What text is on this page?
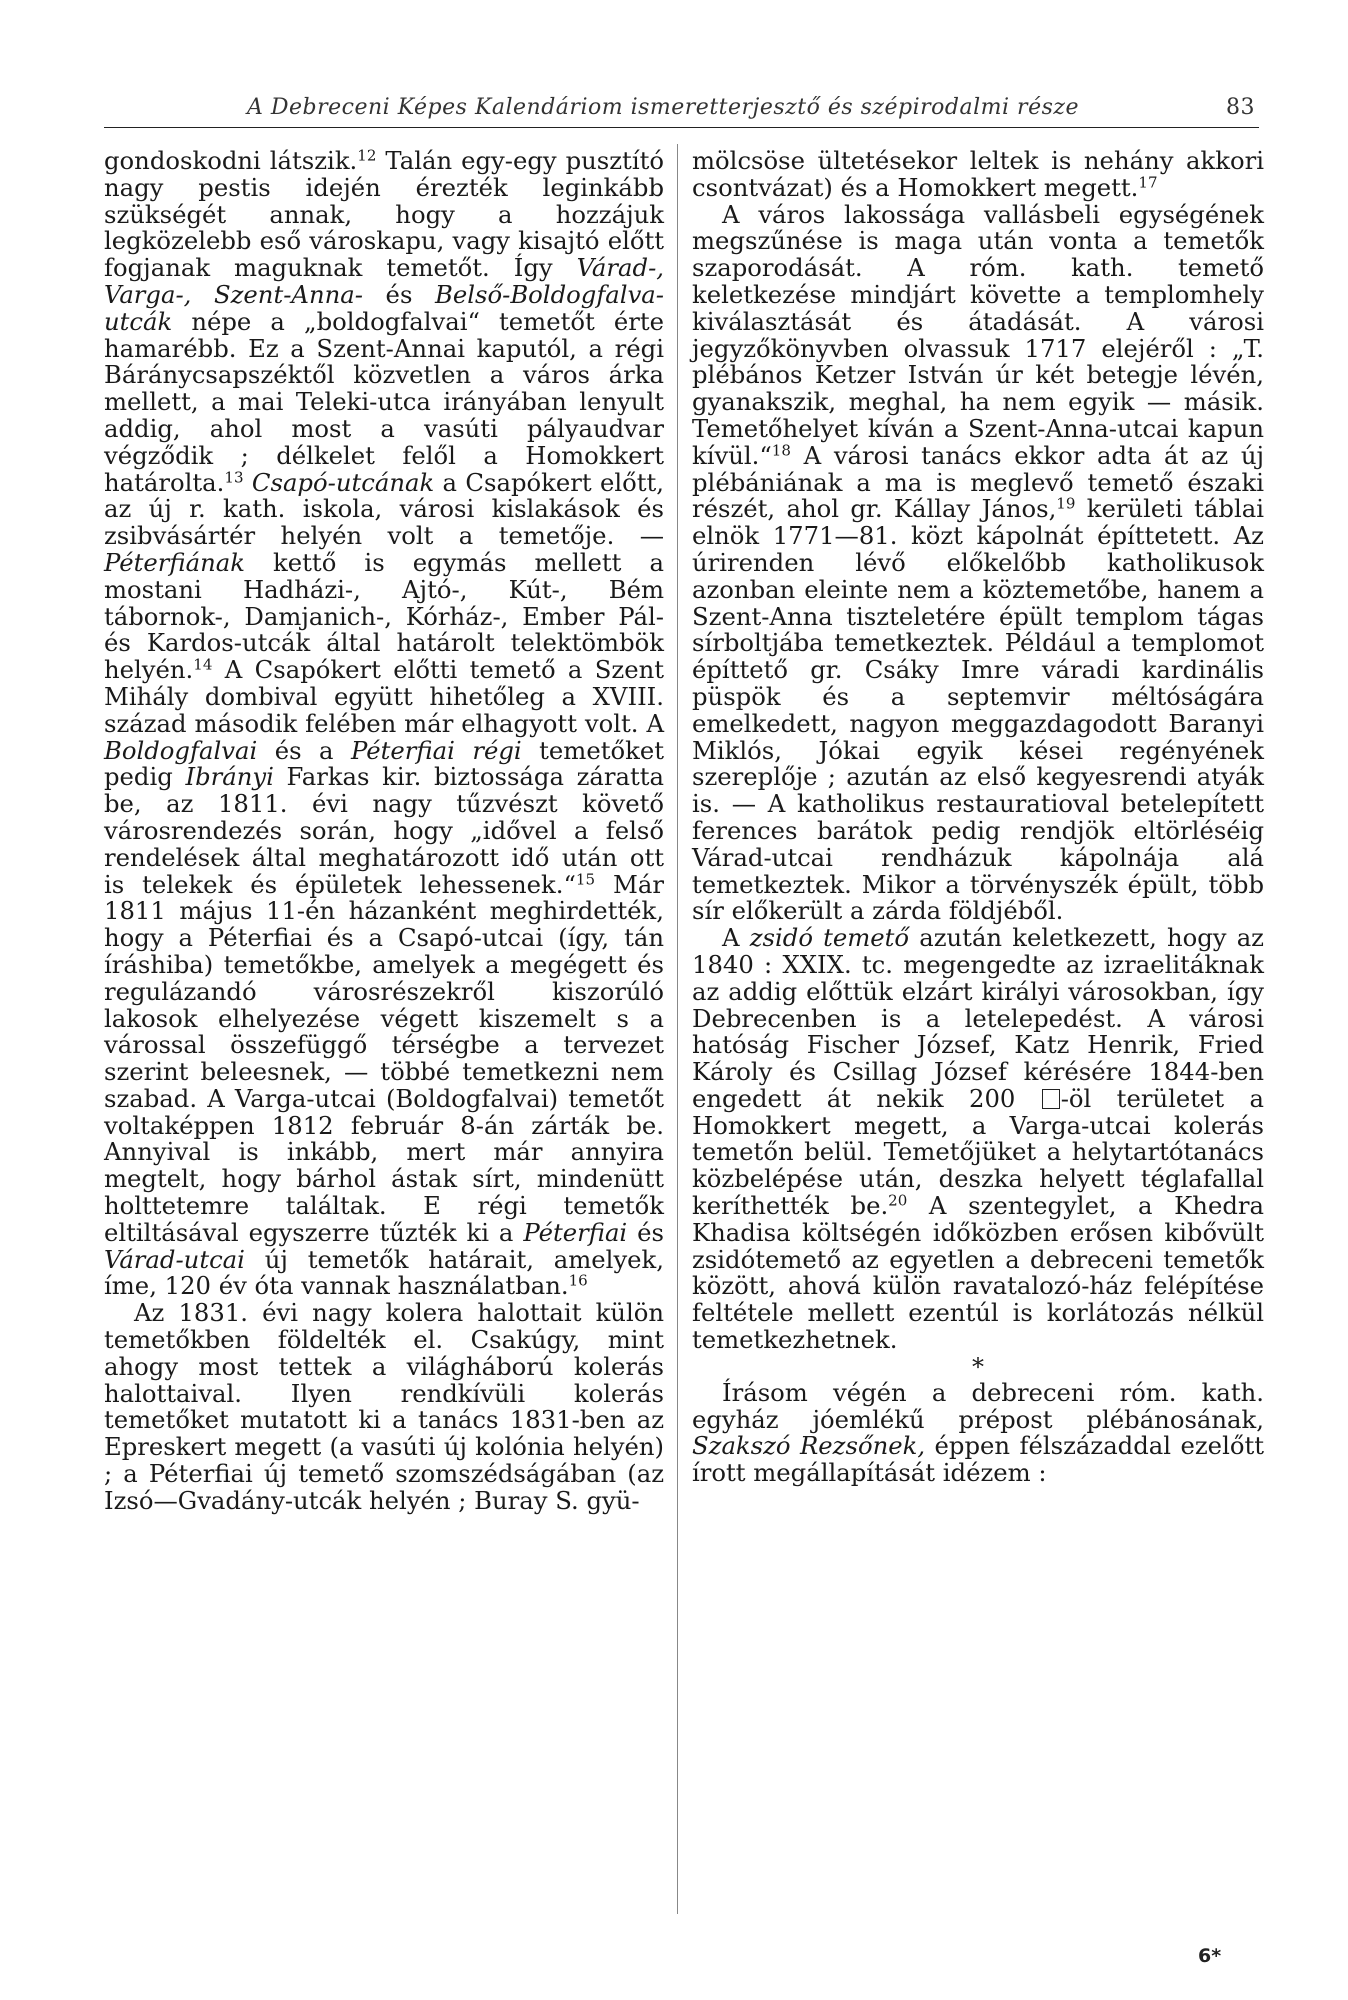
A Debreceni Képes Kalendáriom ismeretterjesztő és szépirodalmi része	83

gondoskodni látszik.$^{12}$ Talán egy-egy pusztító nagy pestis idején érezték leginkább szükségét annak, hogy a hozzájuk legközelebb eső városkapu, vagy kisajtó előtt fogjanak maguknak temetőt. Így Várad-, Varga-, Szent-Anna- és Belső-Boldogfalva-utcák népe a „boldogfalvai“ temetőt érte hamarébb. Ez a Szent-Annai kaputól, a régi Báránycsapszéktől közvetlen a város árka mellett, a mai Teleki-utca irányában lenyult addig, ahol most a vasúti pályaudvar végződik ; délkelet felől a Homokkert határolta.$^{13}$ Csapó-utcának a Csapókert előtt, az új r. kath. iskola, városi kislakások és zsibvásártér helyén volt a temetője. — Péterfiának kettő is egymás mellett a mostani Hadházi-, Ajtó-, Kút-, Bém tábornok-, Damjanich-, Kórház-, Ember Pál- és Kardos-utcák által határolt telektömbök helyén.$^{14}$ A Csapókert előtti temető a Szent Mihály dombival együtt hihetőleg a XVIII. század második felében már elhagyott volt. A Boldogfalvai és a Péterfiai régi temetőket pedig Ibrányi Farkas kir. biztossága záratta be, az 1811. évi nagy tűzvészt követő városrendezés során, hogy „idővel a felső rendelések által meghatározott idő után ott is telekek és épületek lehessenek.“$^{15}$ Már 1811 május 11-én házanként meghirdették, hogy a Péterfiai és a Csapó-utcai (így, tán íráshiba) temetőkbe, amelyek a megégett és regulázandó városrészekről kiszorúló lakosok elhelyezése végett kiszemelt s a várossal összefüggő térségbe a tervezet szerint beleesnek, — többé temetkezni nem szabad. A Varga-utcai (Boldogfalvai) temetőt voltaképpen 1812 február 8-án zárták be. Annyival is inkább, mert már annyira megtelt, hogy bárhol ástak sírt, mindenütt holttetemre találtak. E régi temetők eltiltásával egyszerre tűzték ki a Péterfiai és Várad-utcai új temetők határait, amelyek, íme, 120 év óta vannak használatban.$^{16}$

Az 1831. évi nagy kolera halottait külön temetőkben földelték el. Csakúgy, mint ahogy most tettek a világháború kolerás halottaival. Ilyen rendkívüli kolerás temetőket mutatott ki a tanács 1831-ben az Epreskert megett (a vasúti új kolónia helyén) ; a Péterfiai új temető szomszédságában (az Izsó—Gvadány-utcák helyén ; Buray S. gyü-

mölcsöse ültetésekor leltek is nehány akkori csontvázat) és a Homokkert megett.$^{17}$

A város lakossága vallásbeli egységének megszűnése is maga után vonta a temetők szaporodását. A róm. kath. temető keletkezése mindjárt követte a templomhely kiválasztását és átadását. A városi jegyzőkönyvben olvassuk 1717 elejéről : „T. plébános Ketzer István úr két betegje lévén, gyanakszik, meghal, ha nem egyik — másik. Temetőhelyet kíván a Szent-Anna-utcai kapun kívül.“$^{18}$ A városi tanács ekkor adta át az új plébániának a ma is meglevő temető északi részét, ahol gr. Kállay János,$^{19}$ kerületi táblai elnök 1771—81. közt kápolnát építtetett. Az úrirenden lévő előkelőbb katholikusok azonban eleinte nem a köztemetőbe, hanem a Szent-Anna tiszteletére épült templom tágas sírboltjába temetkeztek. Például a templomot építtető gr. Csáky Imre váradi kardinális püspök és a septemvir méltóságára emelkedett, nagyon meggazdagodott Baranyi Miklós, Jókai egyik kései regényének szereplője ; azután az első kegyesrendi atyák is. — A katholikus restauratioval betelepített ferences barátok pedig rendjök eltörléséig Várad-utcai rendházuk kápolnája alá temetkeztek. Mikor a törvényszék épült, több sír előkerült a zárda földjéből.

A zsidó temető azután keletkezett, hogy az 1840 : XXIX. tc. megengedte az izraelitáknak az addig előttük elzárt királyi városokban, így Debrecenben is a letelepedést. A városi hatóság Fischer József, Katz Henrik, Fried Károly és Csillag József kérésére 1844-ben engedett át nekik 200 -öl területet a Homokkert megett, a Varga-utcai kolerás temetőn belül. Temetőjüket a helytartótanács közbelépése után, deszka helyett téglafallal keríthették be.$^{20}$ A szentegylet, a Khedra Khadisa költségén időközben erősen kibővült zsidótemető az egyetlen a debreceni temetők között, ahová külön ravatalozó-ház felépítése feltétele mellett ezentúl is korlátozás nélkül temetkezhetnek.

*

Írásom végén a debreceni róm. kath. egyház jóemlékű prépost plébánosának, Szakszó Rezsőnek, éppen félszázaddal ezelőtt írott megállapítását idézem :

6*
